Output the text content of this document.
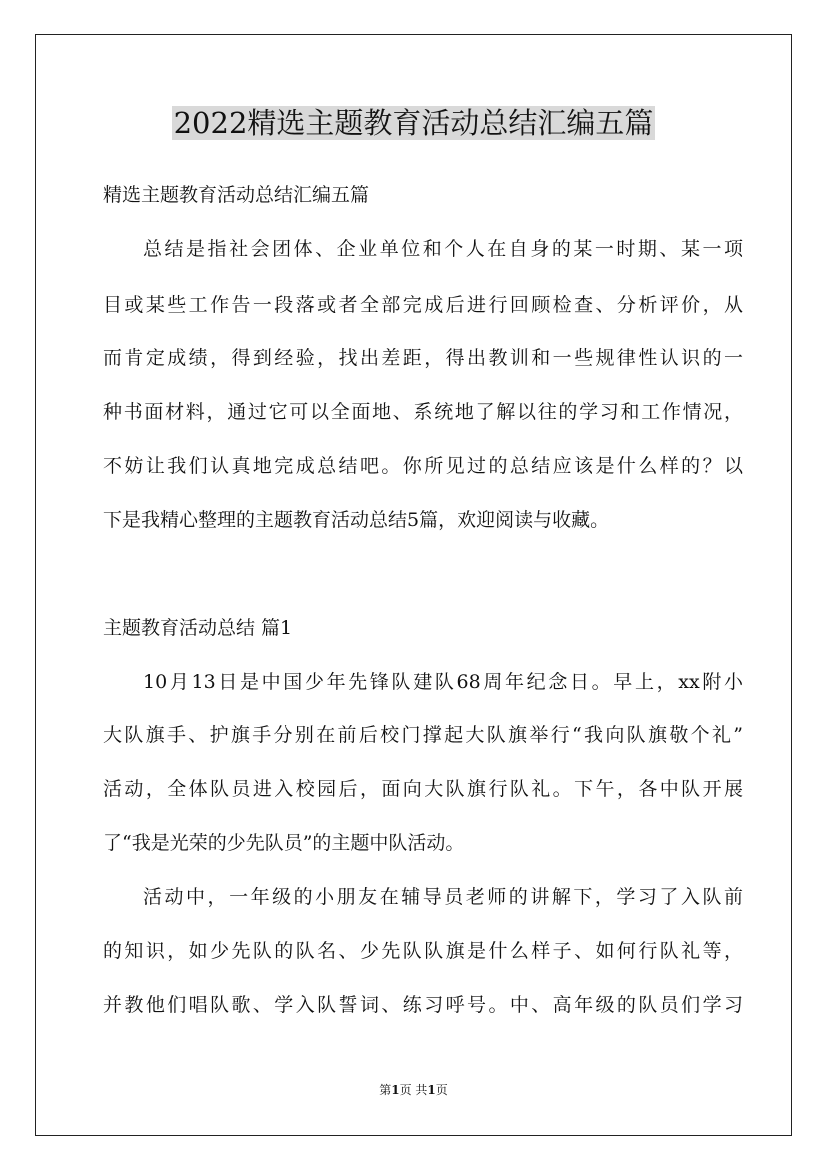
2022精选主题教育活动总结汇编五篇

精选主题教育活动总结汇编五篇

总结是指社会团体、企业单位和个人在自身的某一时期、某一项

目或某些工作告一段落或者全部完成后进行回顾检查、分析评价，从

而肯定成绩，得到经验，找出差距，得出教训和一些规律性认识的一

种书面材料，通过它可以全面地、系统地了解以往的学习和工作情况，

不妨让我们认真地完成总结吧。你所见过的总结应该是什么样的？以

下是我精心整理的主题教育活动总结5篇，欢迎阅读与收藏。

主题教育活动总结 篇1

10月13日是中国少年先锋队建队68周年纪念日。早上，xx附小

大队旗手、护旗手分别在前后校门撑起大队旗举行“我向队旗敬个礼”

活动，全体队员进入校园后，面向大队旗行队礼。下午，各中队开展

了“我是光荣的少先队员”的主题中队活动。

活动中，一年级的小朋友在辅导员老师的讲解下，学习了入队前

的知识，如少先队的队名、少先队队旗是什么样子、如何行队礼等，

并教他们唱队歌、学入队誓词、练习呼号。中、高年级的队员们学习

第1页 共1页
